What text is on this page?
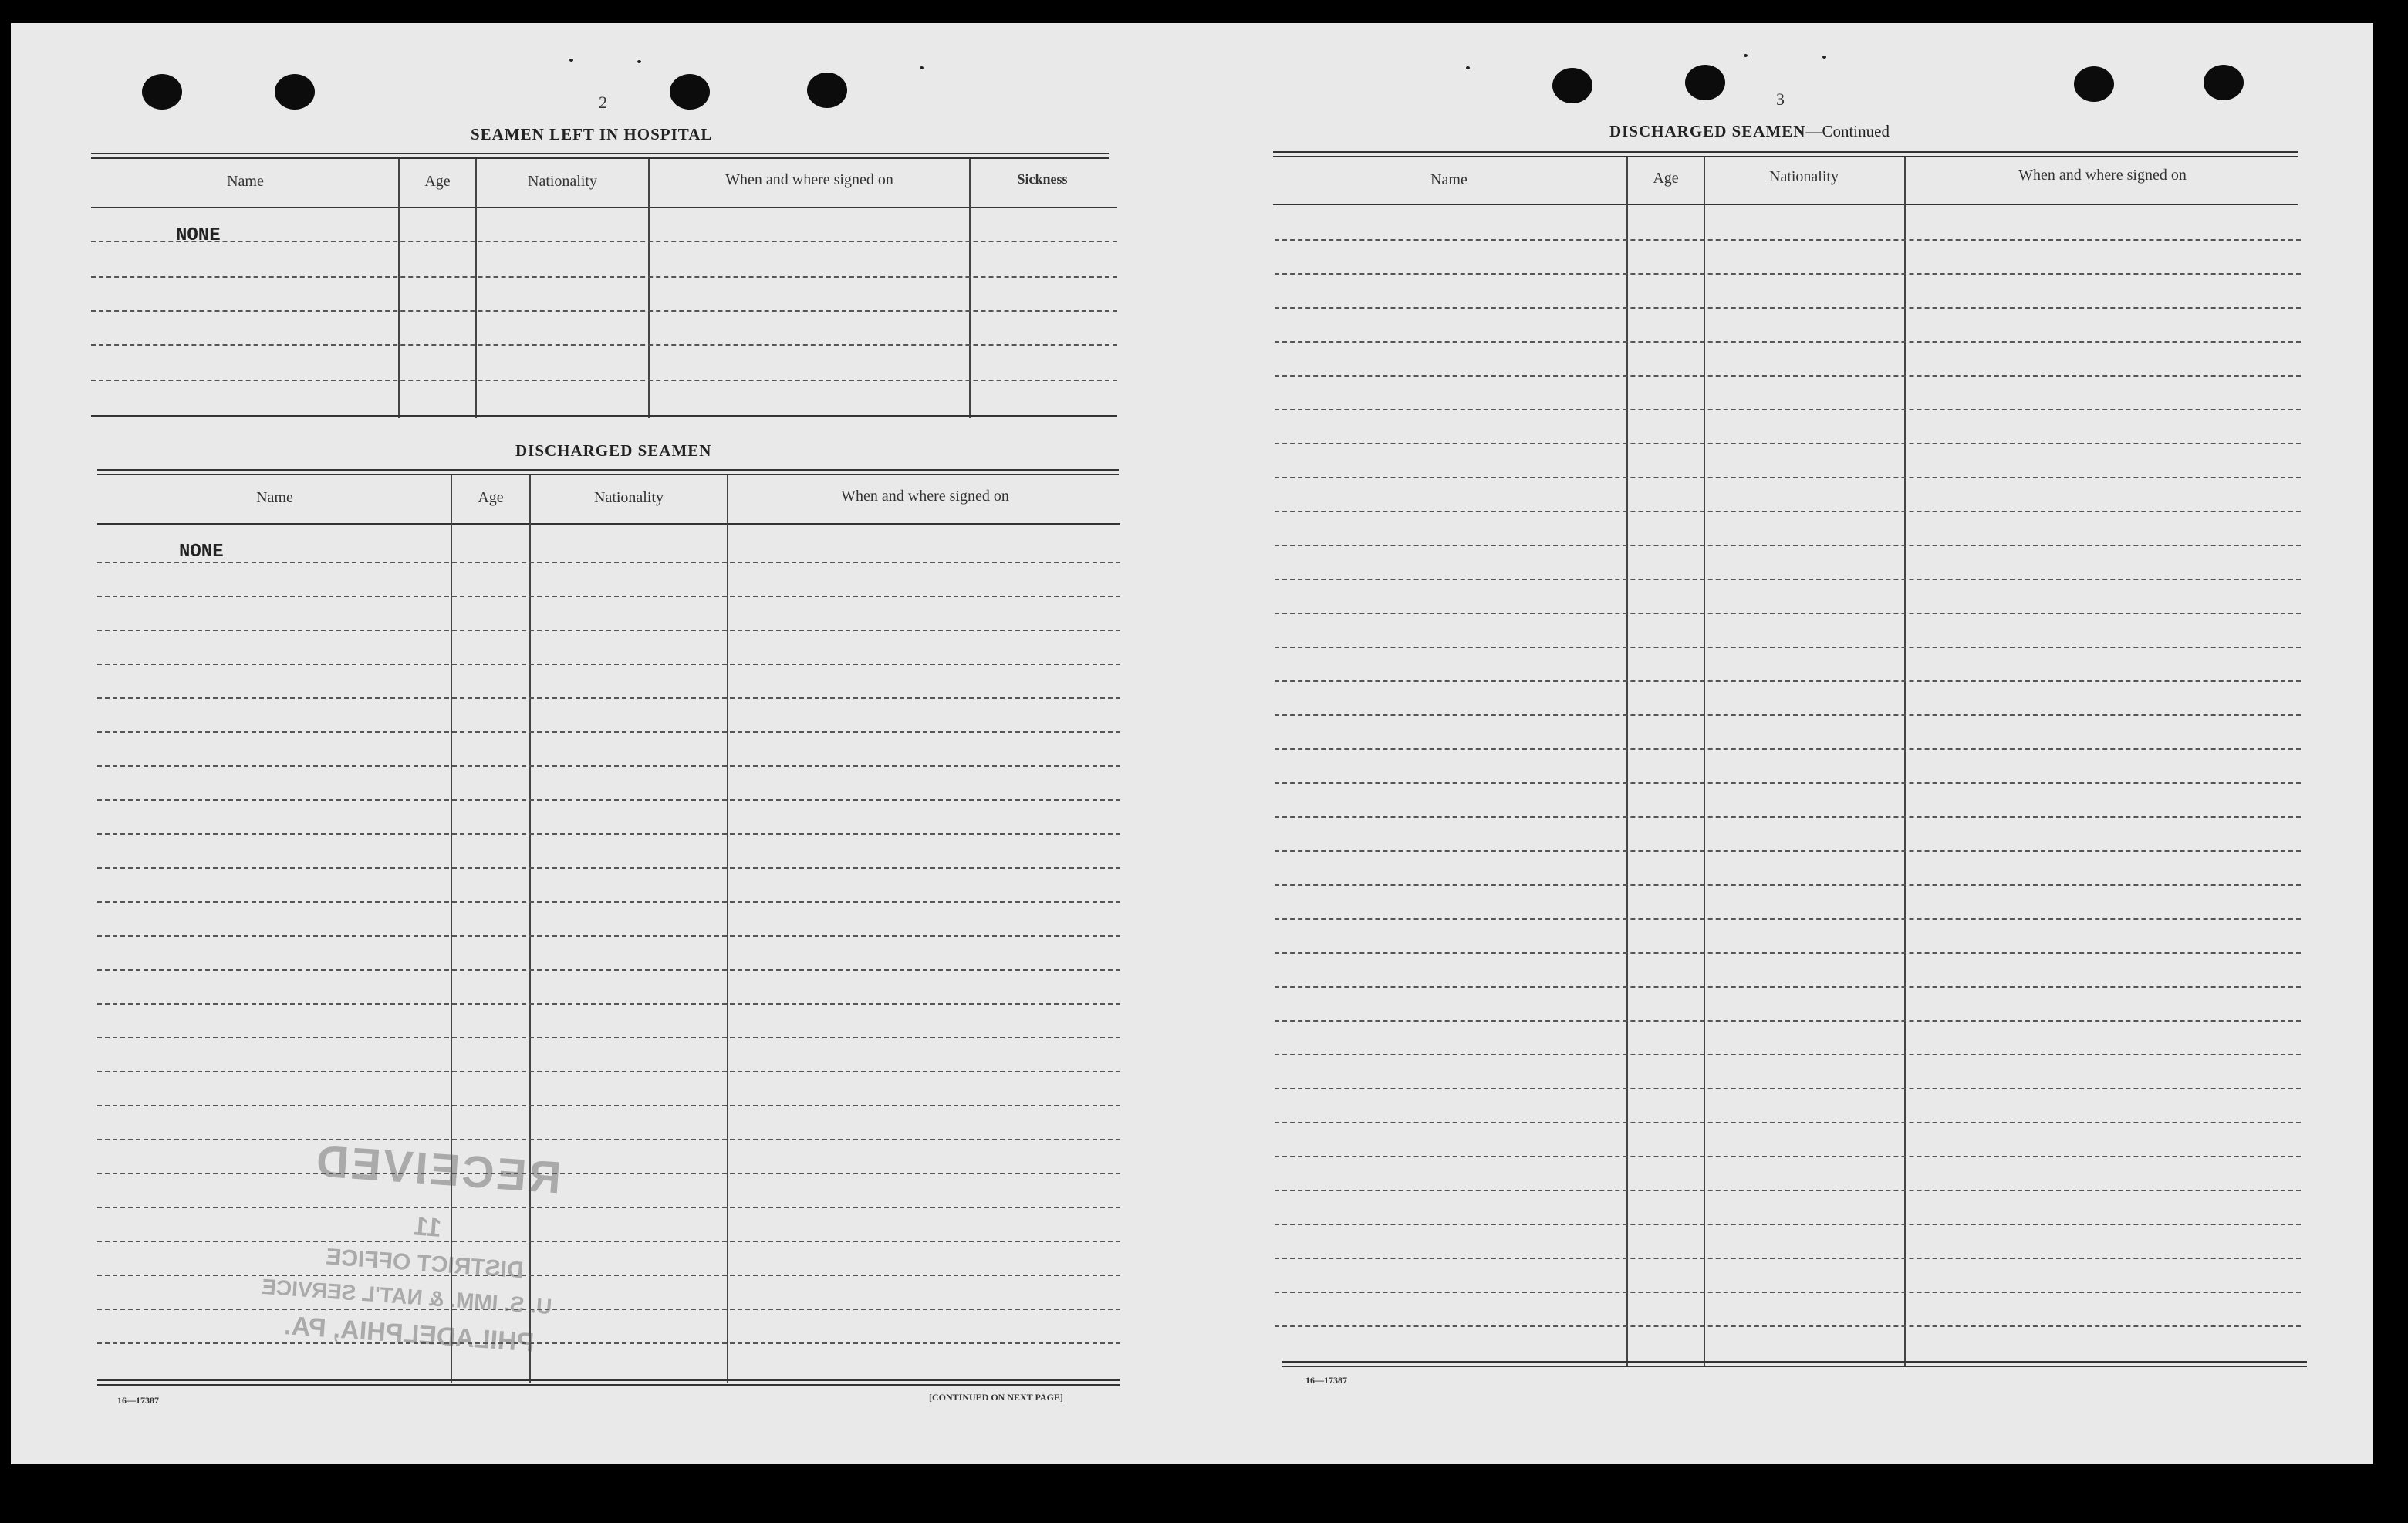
2
SEAMEN LEFT IN HOSPITAL
Name	Age	Nationality	When and where signed on	Sickness
NONE
DISCHARGED SEAMEN
Name	Age	Nationality	When and where signed on
NONE
16—17387	[CONTINUED ON NEXT PAGE]
RECEIVED
11
DISTRICT OFFICE
U. S. IMM. & NAT'L SERVICE
PHILADELPHIA, PA.
3
DISCHARGED SEAMEN—Continued
Name	Age	Nationality	When and where signed on
16—17387
